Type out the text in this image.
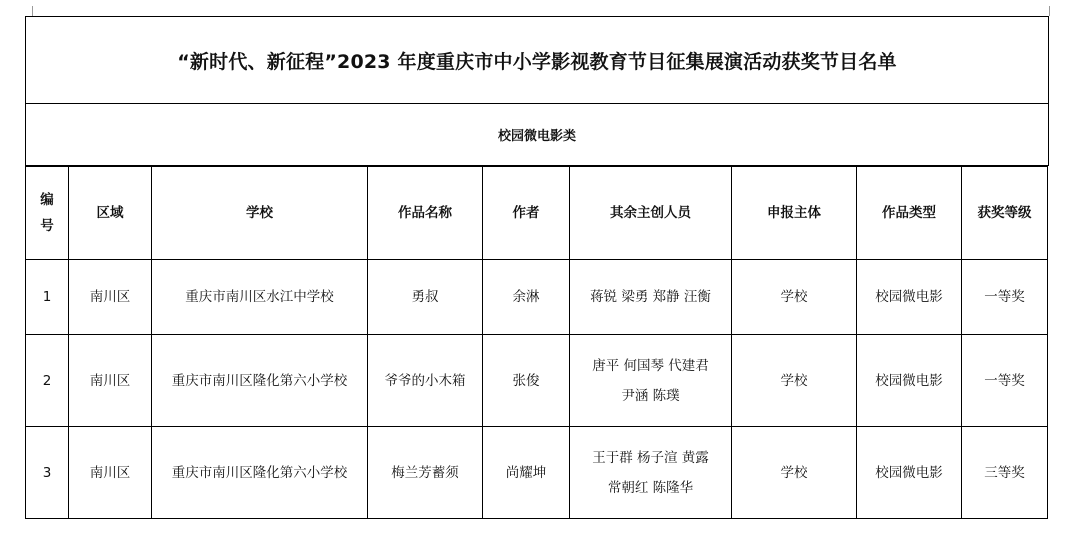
“新时代、新征程”2023 年度重庆市中小学影视教育节目征集展演活动获奖节目名单
校园微电影类
编
号	区域	学校	作品名称	作者	其余主创人员	申报主体	作品类型	获奖等级
1	南川区	重庆市南川区水江中学校	勇叔	余淋	蒋锐 梁勇 郑静 汪衡	学校	校园微电影	一等奖
2	南川区	重庆市南川区隆化第六小学校	爷爷的小木箱	张俊	唐平 何国琴 代建君
尹涵 陈璞	学校	校园微电影	一等奖
3	南川区	重庆市南川区隆化第六小学校	梅兰芳蓄须	尚耀坤	王于群 杨子渲 黄露
常朝红 陈隆华	学校	校园微电影	三等奖
